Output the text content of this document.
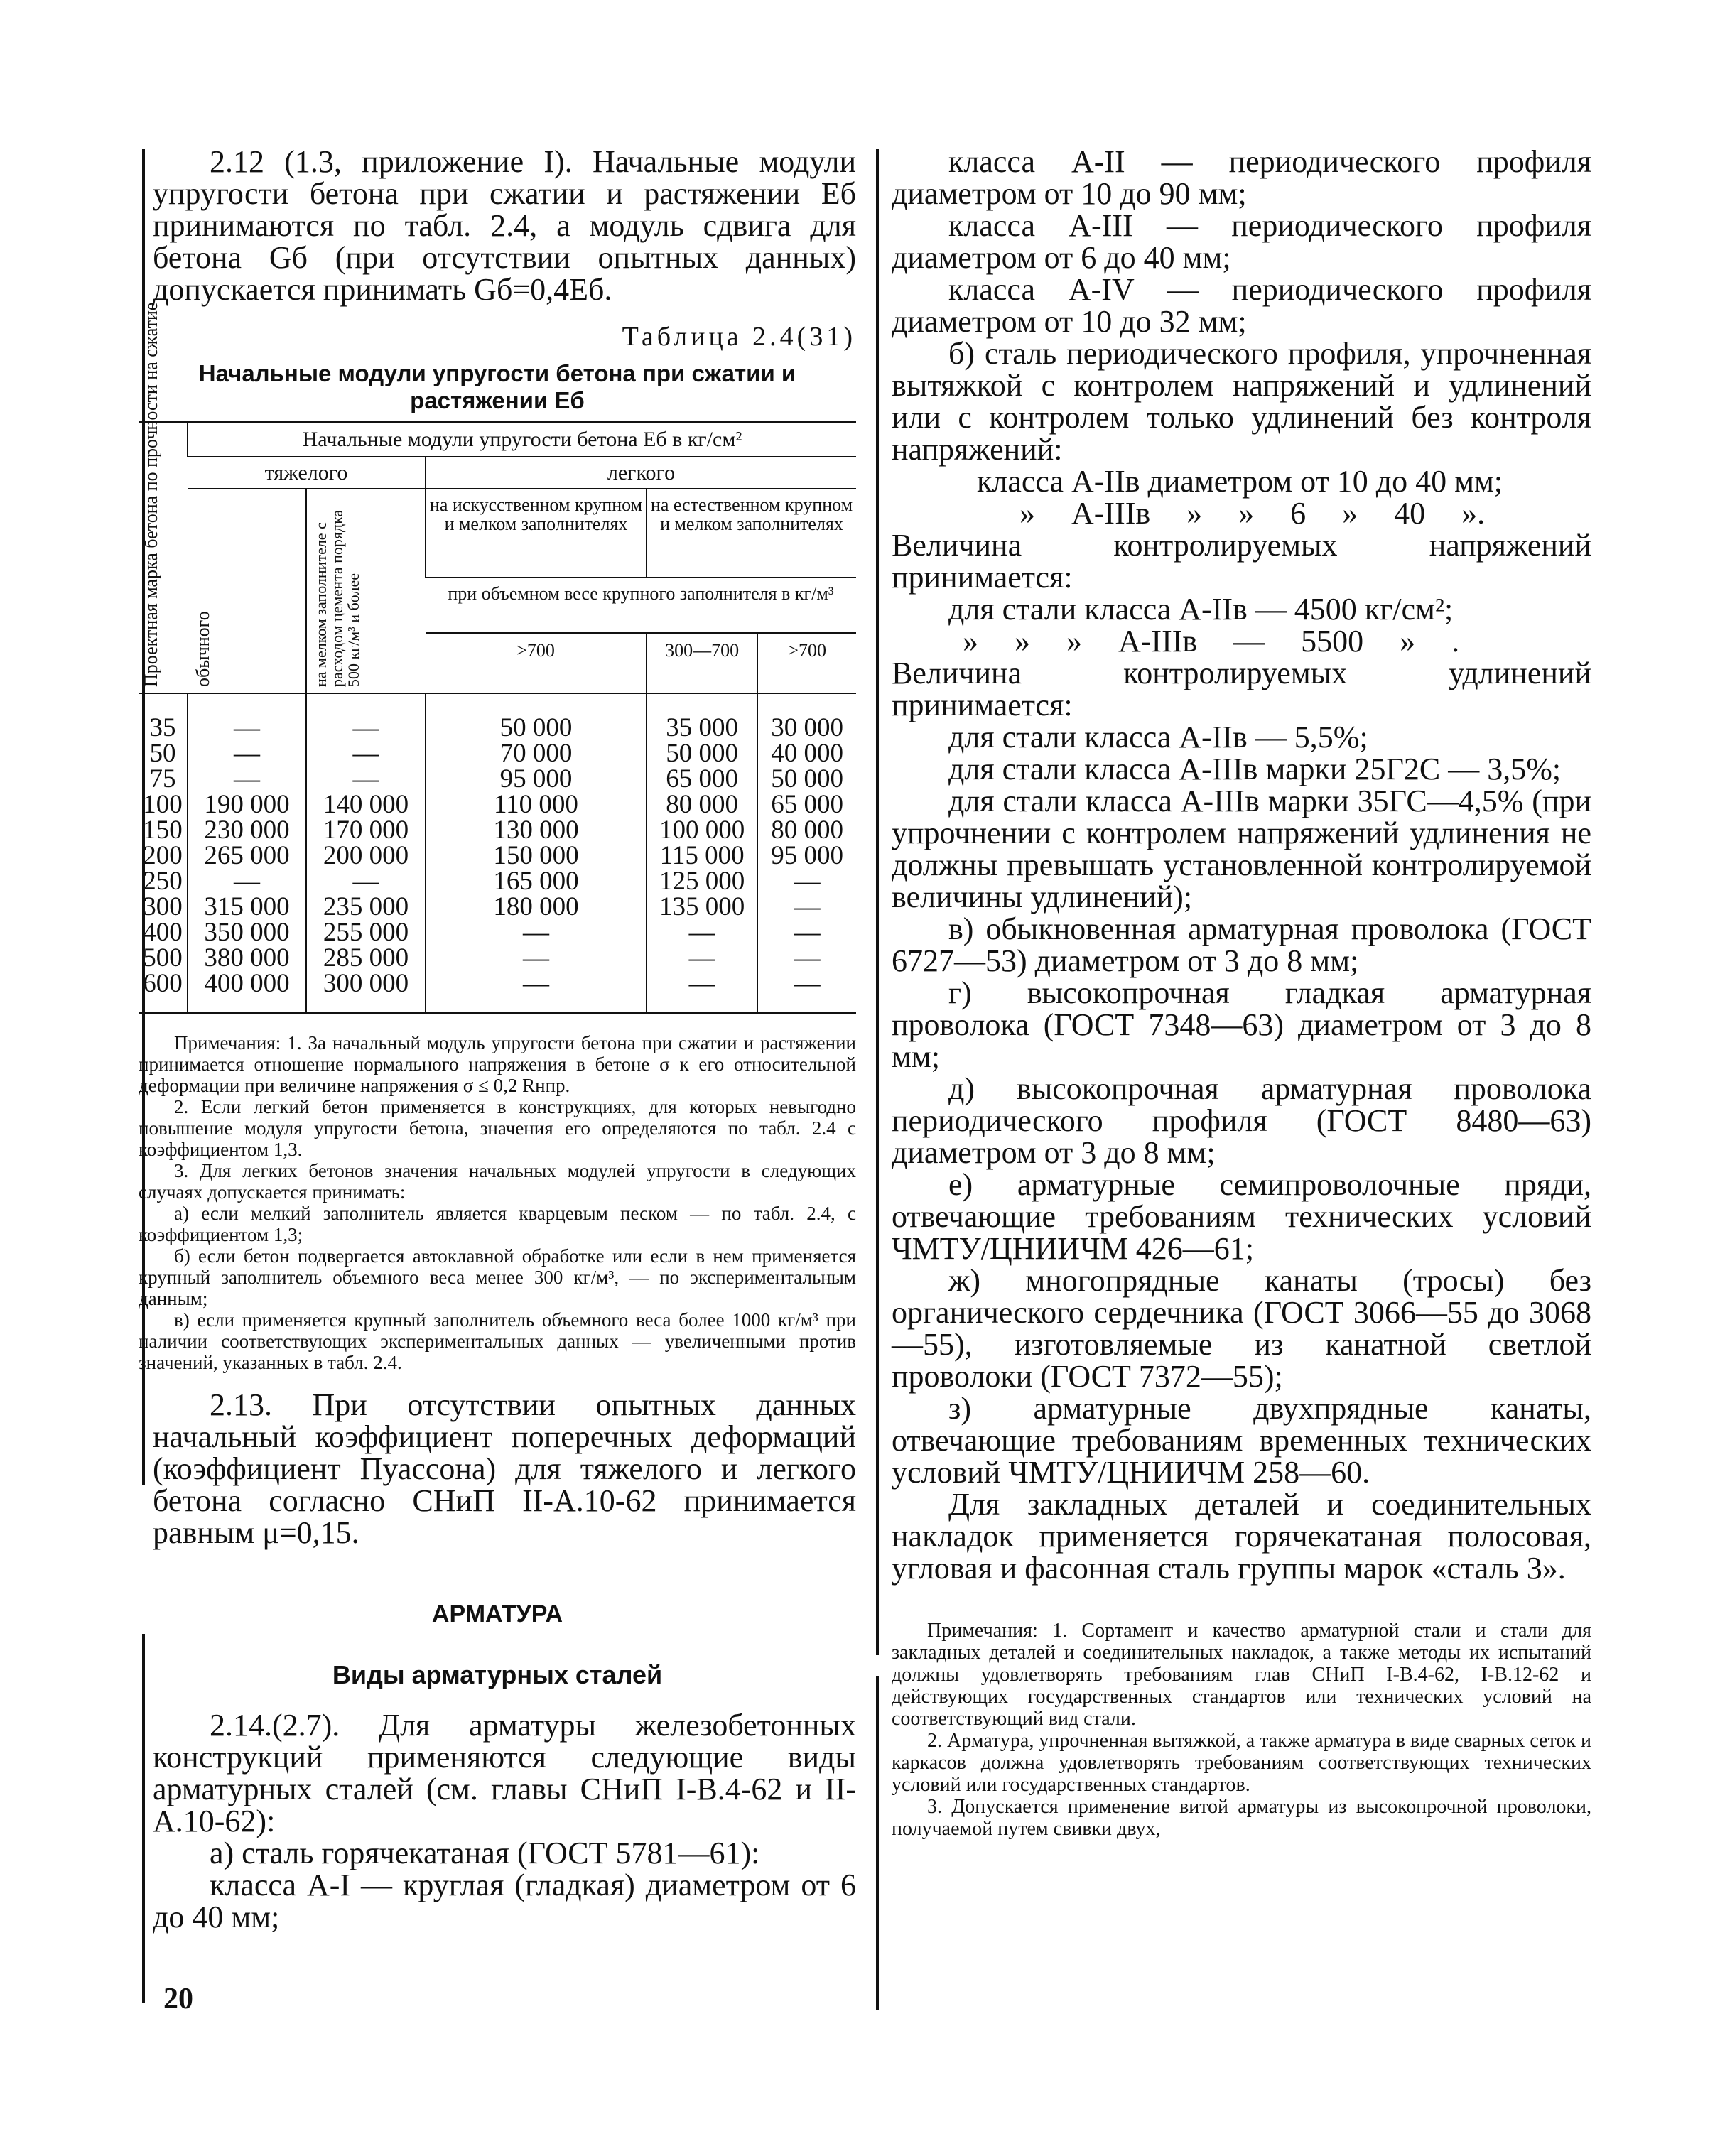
2.12 (1.3, приложение I). Начальные модули упругости бетона при сжатии и растяжении Eб принимаются по табл. 2.4, а модуль сдвига для бетона Gб (при отсутствии опытных данных) допускается принимать Gб=0,4Eб.

Таблица 2.4(31)

Начальные модули упругости бетона при сжатии и растяжении Eб

Проектная марка бетона по прочности на сжатие	Начальные модули упругости бетона Eб в кг/см²				
	тяжелого		легкого		

	обычного	на мелком заполнителе с расходом цемента порядка 500 кг/м³ и более	на искусственном крупном и мелком заполнителях	на естественном крупном и мелком заполнителях	
			при объемном весе крупного заполнителя в кг/м³		
			>700	300—700	>700
35	—	—	50 000	35 000	30 000
50	—	—	70 000	50 000	40 000
75	—	—	95 000	65 000	50 000
100	190 000	140 000	110 000	80 000	65 000
150	230 000	170 000	130 000	100 000	80 000
200	265 000	200 000	150 000	115 000	95 000
250	—	—	165 000	125 000	—
300	315 000	235 000	180 000	135 000	—
400	350 000	255 000	—	—	—
500	380 000	285 000	—	—	—
600	400 000	300 000	—	—	—

Примечания: 1. За начальный модуль упругости бетона при сжатии и растяжении принимается отношение нормального напряжения в бетоне σ к его относительной деформации при величине напряжения σ ≤ 0,2 Rнпр.

2. Если легкий бетон применяется в конструкциях, для которых невыгодно повышение модуля упругости бетона, значения его определяются по табл. 2.4 с коэффициентом 1,3.

3. Для легких бетонов значения начальных модулей упругости в следующих случаях допускается принимать:

а) если мелкий заполнитель является кварцевым песком — по табл. 2.4, с коэффициентом 1,3;

б) если бетон подвергается автоклавной обработке или если в нем применяется крупный заполнитель объемного веса менее 300 кг/м³, — по экспериментальным данным;

в) если применяется крупный заполнитель объемного веса более 1000 кг/м³ при наличии соответствующих экспериментальных данных — увеличенными против значений, указанных в табл. 2.4.

2.13. При отсутствии опытных данных начальный коэффициент поперечных деформаций (коэффициент Пуассона) для тяжелого и легкого бетона согласно СНиП II-А.10-62 принимается равным μ=0,15.

АРМАТУРА

Виды арматурных сталей

2.14.(2.7). Для арматуры железобетонных конструкций применяются следующие виды арматурных сталей (см. главы СНиП I-В.4-62 и II-А.10-62):

а) сталь горячекатаная (ГОСТ 5781—61):

класса А-I — круглая (гладкая) диаметром от 6 до 40 мм;

класса А-II — периодического профиля диаметром от 10 до 90 мм;

класса А-III — периодического профиля диаметром от 6 до 40 мм;

класса А-IV — периодического профиля диаметром от 10 до 32 мм;

б) сталь периодического профиля, упрочненная вытяжкой с контролем напряжений и удлинений или с контролем только удлинений без контроля напряжений:

класса А-IIв диаметром от 10 до 40 мм;

» А-IIIв » » 6 » 40 ».

Величина контролируемых напряжений принимается:

для стали класса А-IIв — 4500 кг/см²;

» » » А-IIIв — 5500 » .

Величина контролируемых удлинений принимается:

для стали класса А-IIв — 5,5%;

для стали класса А-IIIв марки 25Г2С — 3,5%;

для стали класса А-IIIв марки 35ГС—4,5% (при упрочнении с контролем напряжений удлинения не должны превышать установленной контролируемой величины удлинений);

в) обыкновенная арматурная проволока (ГОСТ 6727—53) диаметром от 3 до 8 мм;

г) высокопрочная гладкая арматурная проволока (ГОСТ 7348—63) диаметром от 3 до 8 мм;

д) высокопрочная арматурная проволока периодического профиля (ГОСТ 8480—63) диаметром от 3 до 8 мм;

е) арматурные семипроволочные пряди, отвечающие требованиям технических условий ЧМТУ/ЦНИИЧМ 426—61;

ж) многопрядные канаты (тросы) без органического сердечника (ГОСТ 3066—55 до 3068—55), изготовляемые из канатной светлой проволоки (ГОСТ 7372—55);

з) арматурные двухпрядные канаты, отвечающие требованиям временных технических условий ЧМТУ/ЦНИИЧМ 258—60.

Для закладных деталей и соединительных накладок применяется горячекатаная полосовая, угловая и фасонная сталь группы марок «сталь 3».

Примечания: 1. Сортамент и качество арматурной стали и стали для закладных деталей и соединительных накладок, а также методы их испытаний должны удовлетворять требованиям глав СНиП I-В.4-62, I-В.12-62 и действующих государственных стандартов или технических условий на соответствующий вид стали.

2. Арматура, упрочненная вытяжкой, а также арматура в виде сварных сеток и каркасов должна удовлетворять требованиям соответствующих технических условий или государственных стандартов.

3. Допускается применение витой арматуры из высокопрочной проволоки, получаемой путем свивки двух,

20
